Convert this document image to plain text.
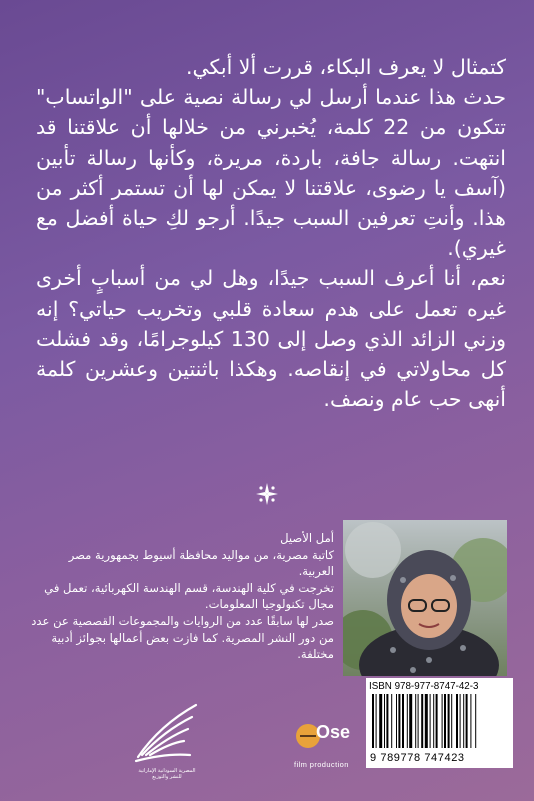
كتمثال لا يعرف البكاء، قررت ألا أبكي.

حدث هذا عندما أرسل لي رسالة نصية على "الواتساب" تتكون من 22 كلمة، يُخبرني من خلالها أن علاقتنا قد انتهت. رسالة جافة، باردة، مريرة، وكأنها رسالة تأبين (آسف يا رضوى، علاقتنا لا يمكن لها أن تستمر أكثر من هذا. وأنتِ تعرفين السبب جيدًا. أرجو لكِ حياة أفضل مع غيري).

نعم، أنا أعرف السبب جيدًا، وهل لي من أسبابٍ أخرى غيره تعمل على هدم سعادة قلبي وتخريب حياتي؟ إنه وزني الزائد الذي وصل إلى 130 كيلوجرامًا، وقد فشلت كل محاولاتي في إنقاصه. وهكذا باثنتين وعشرين كلمة أنهى حب عام ونصف.

أمل الأصيل

كاتبة مصرية، من مواليد محافظة أسيوط بجمهورية مصر العربية.

تخرجت في كلية الهندسة، قسم الهندسة الكهربائية، تعمل في مجال تكنولوجيا المعلومات.

صدر لها سابقًا عدد من الروايات والمجموعات القصصية عن عدد من دور النشر المصرية. كما فازت بعض أعمالها بجوائز أدبية مختلفة.

المصرية السودانية الإماراتية للنشر والتوزيع
Ose
film production
ISBN 978-977-8747-42-3
9 789778 747423
